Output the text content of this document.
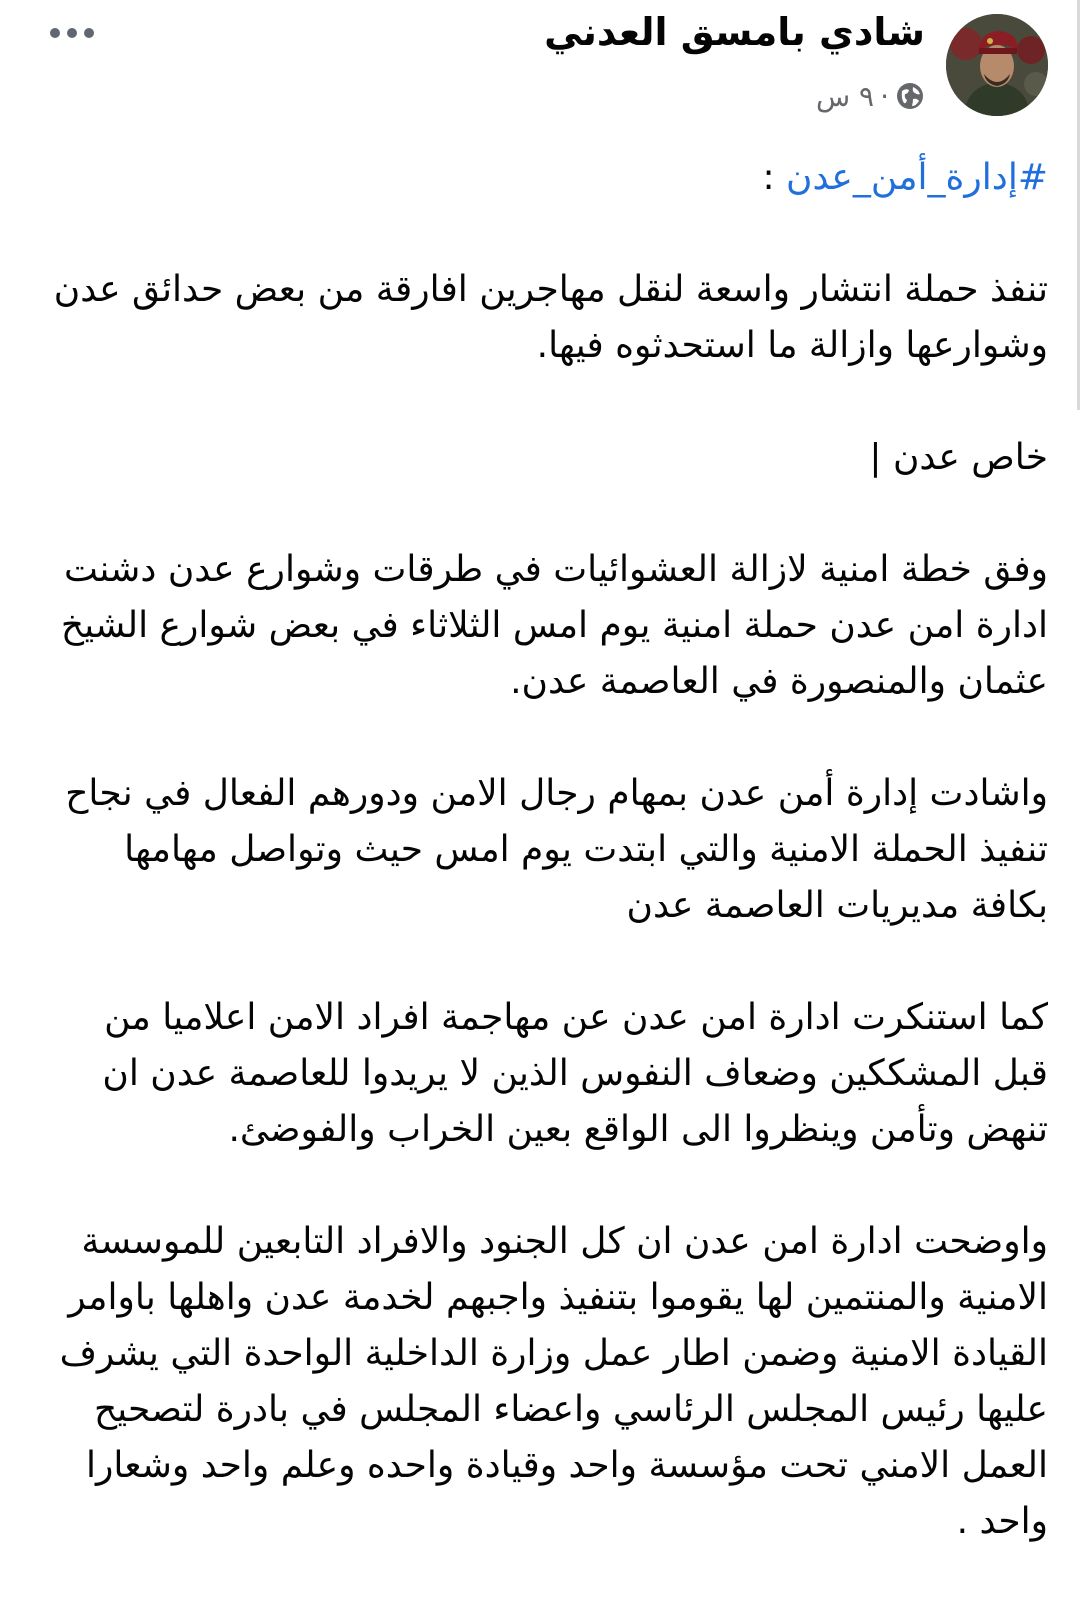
شادي بامسق العدني
٩ س ·

#إدارة_أمن_عدن :

تنفذ حملة انتشار واسعة لنقل مهاجرين افارقة من بعض حدائق عدن وشوارعها وازالة ما استحدثوه فيها.

خاص عدن |

وفق خطة امنية لازالة العشوائيات في طرقات وشوارع عدن دشنت ادارة امن عدن حملة امنية يوم امس الثلاثاء في بعض شوارع الشيخ عثمان والمنصورة في العاصمة عدن.

واشادت إدارة أمن عدن بمهام رجال الامن ودورهم الفعال في نجاح تنفيذ الحملة الامنية والتي ابتدت يوم امس حيث وتواصل مهامها بكافة مديريات العاصمة عدن

كما استنكرت ادارة امن عدن عن مهاجمة افراد الامن اعلاميا من قبل المشككين وضعاف النفوس الذين لا يريدوا للعاصمة عدن ان تنهض وتأمن وينظروا الى الواقع بعين الخراب والفوضئ.

واوضحت ادارة امن عدن ان كل الجنود والافراد التابعين للموسسة الامنية والمنتمين لها يقوموا بتنفيذ واجبهم لخدمة عدن واهلها باوامر القيادة الامنية وضمن اطار عمل وزارة الداخلية الواحدة التي يشرف عليها رئيس المجلس الرئاسي واعضاء المجلس في بادرة لتصحيح العمل الامني تحت مؤسسة واحد وقيادة واحده وعلم واحد وشعارا واحد .
